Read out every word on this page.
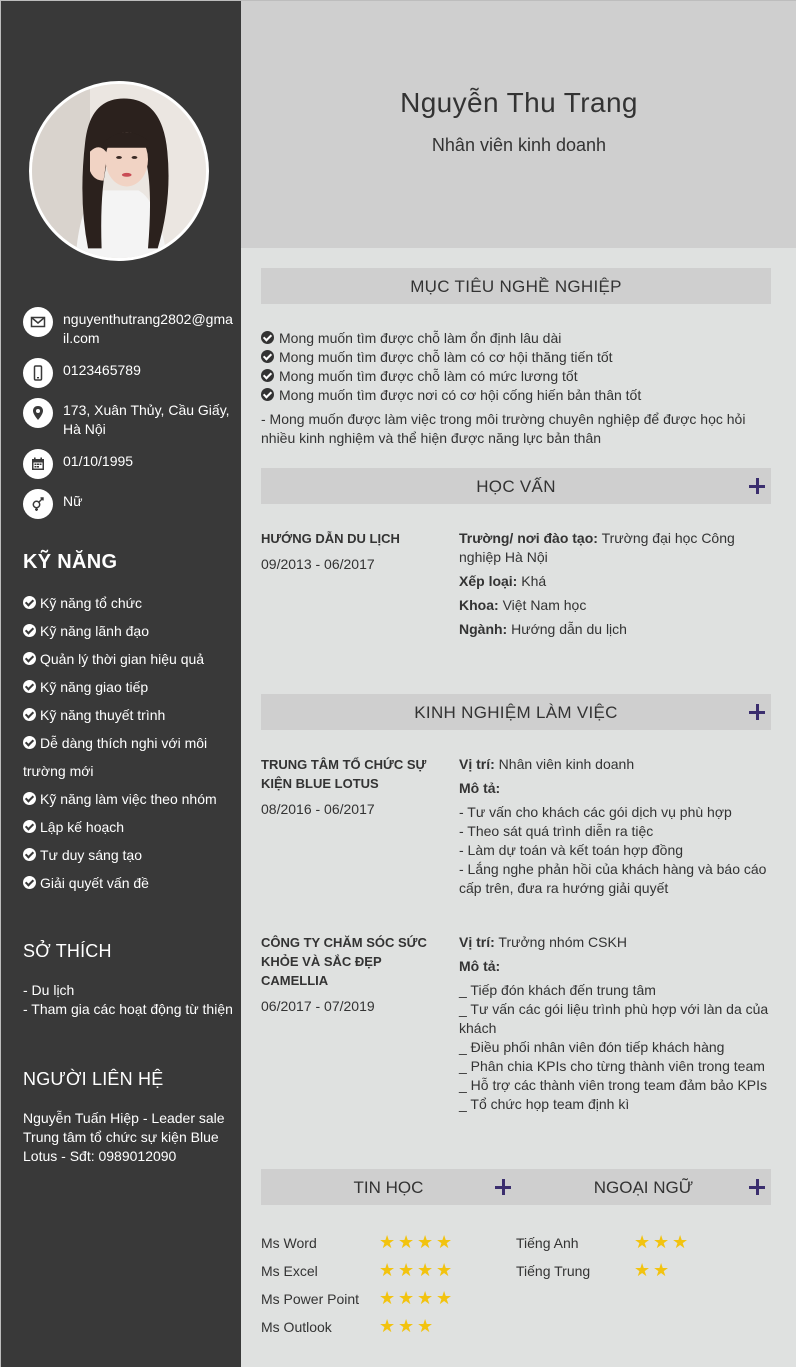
nguyenthutrang2802@gmail.com
0123465789
173, Xuân Thủy, Cầu Giấy, Hà Nội
01/10/1995
Nữ
KỸ NĂNG
Kỹ năng tổ chức
Kỹ năng lãnh đạo
Quản lý thời gian hiệu quả
Kỹ năng giao tiếp
Kỹ năng thuyết trình
Dễ dàng thích nghi với môi trường mới
Kỹ năng làm việc theo nhóm
Lập kế hoạch
Tư duy sáng tạo
Giải quyết vấn đề
SỞ THÍCH
- Du lịch
- Tham gia các hoạt động từ thiện
NGƯỜI LIÊN HỆ
Nguyễn Tuấn Hiệp - Leader sale Trung tâm tổ chức sự kiện Blue Lotus - Sđt: 0989012090
Nguyễn Thu Trang
Nhân viên kinh doanh
MỤC TIÊU NGHỀ NGHIỆP
Mong muốn tìm được chỗ làm ổn định lâu dài
Mong muốn tìm được chỗ làm có cơ hội thăng tiến tốt
Mong muốn tìm được chỗ làm có mức lương tốt
Mong muốn tìm được nơi có cơ hội cống hiến bản thân tốt
- Mong muốn được làm việc trong môi trường chuyên nghiệp để được học hỏi nhiều kinh nghiệm và thể hiện được năng lực bản thân
HỌC VẤN
HƯỚNG DẪN DU LỊCH
09/2013 - 06/2017
Trường/ nơi đào tạo: Trường đại học Công nghiệp Hà Nội
Xếp loại: Khá
Khoa: Việt Nam học
Ngành: Hướng dẫn du lịch
KINH NGHIỆM LÀM VIỆC
TRUNG TÂM TỔ CHỨC SỰ KIỆN BLUE LOTUS
08/2016 - 06/2017
Vị trí: Nhân viên kinh doanh
Mô tả:
- Tư vấn cho khách các gói dịch vụ phù hợp
- Theo sát quá trình diễn ra tiệc
- Làm dự toán và kết toán hợp đồng
- Lắng nghe phản hồi của khách hàng và báo cáo cấp trên, đưa ra hướng giải quyết
CÔNG TY CHĂM SÓC SỨC KHỎE VÀ SẮC ĐẸP CAMELLIA
06/2017 - 07/2019
Vị trí: Trưởng nhóm CSKH
Mô tả:
_ Tiếp đón khách đến trung tâm
_ Tư vấn các gói liệu trình phù hợp với làn da của khách
_ Điều phối nhân viên đón tiếp khách hàng
_ Phân chia KPIs cho từng thành viên trong team
_ Hỗ trợ các thành viên trong team đảm bảo KPIs
_ Tổ chức họp team định kì
TIN HỌC	NGOẠI NGỮ
Ms Word	★ ★ ★ ★
Ms Excel	★ ★ ★ ★
Ms Power Point ★ ★ ★ ★
Ms Outlook	★ ★ ★
Tiếng Anh	★ ★ ★
Tiếng Trung ★ ★
